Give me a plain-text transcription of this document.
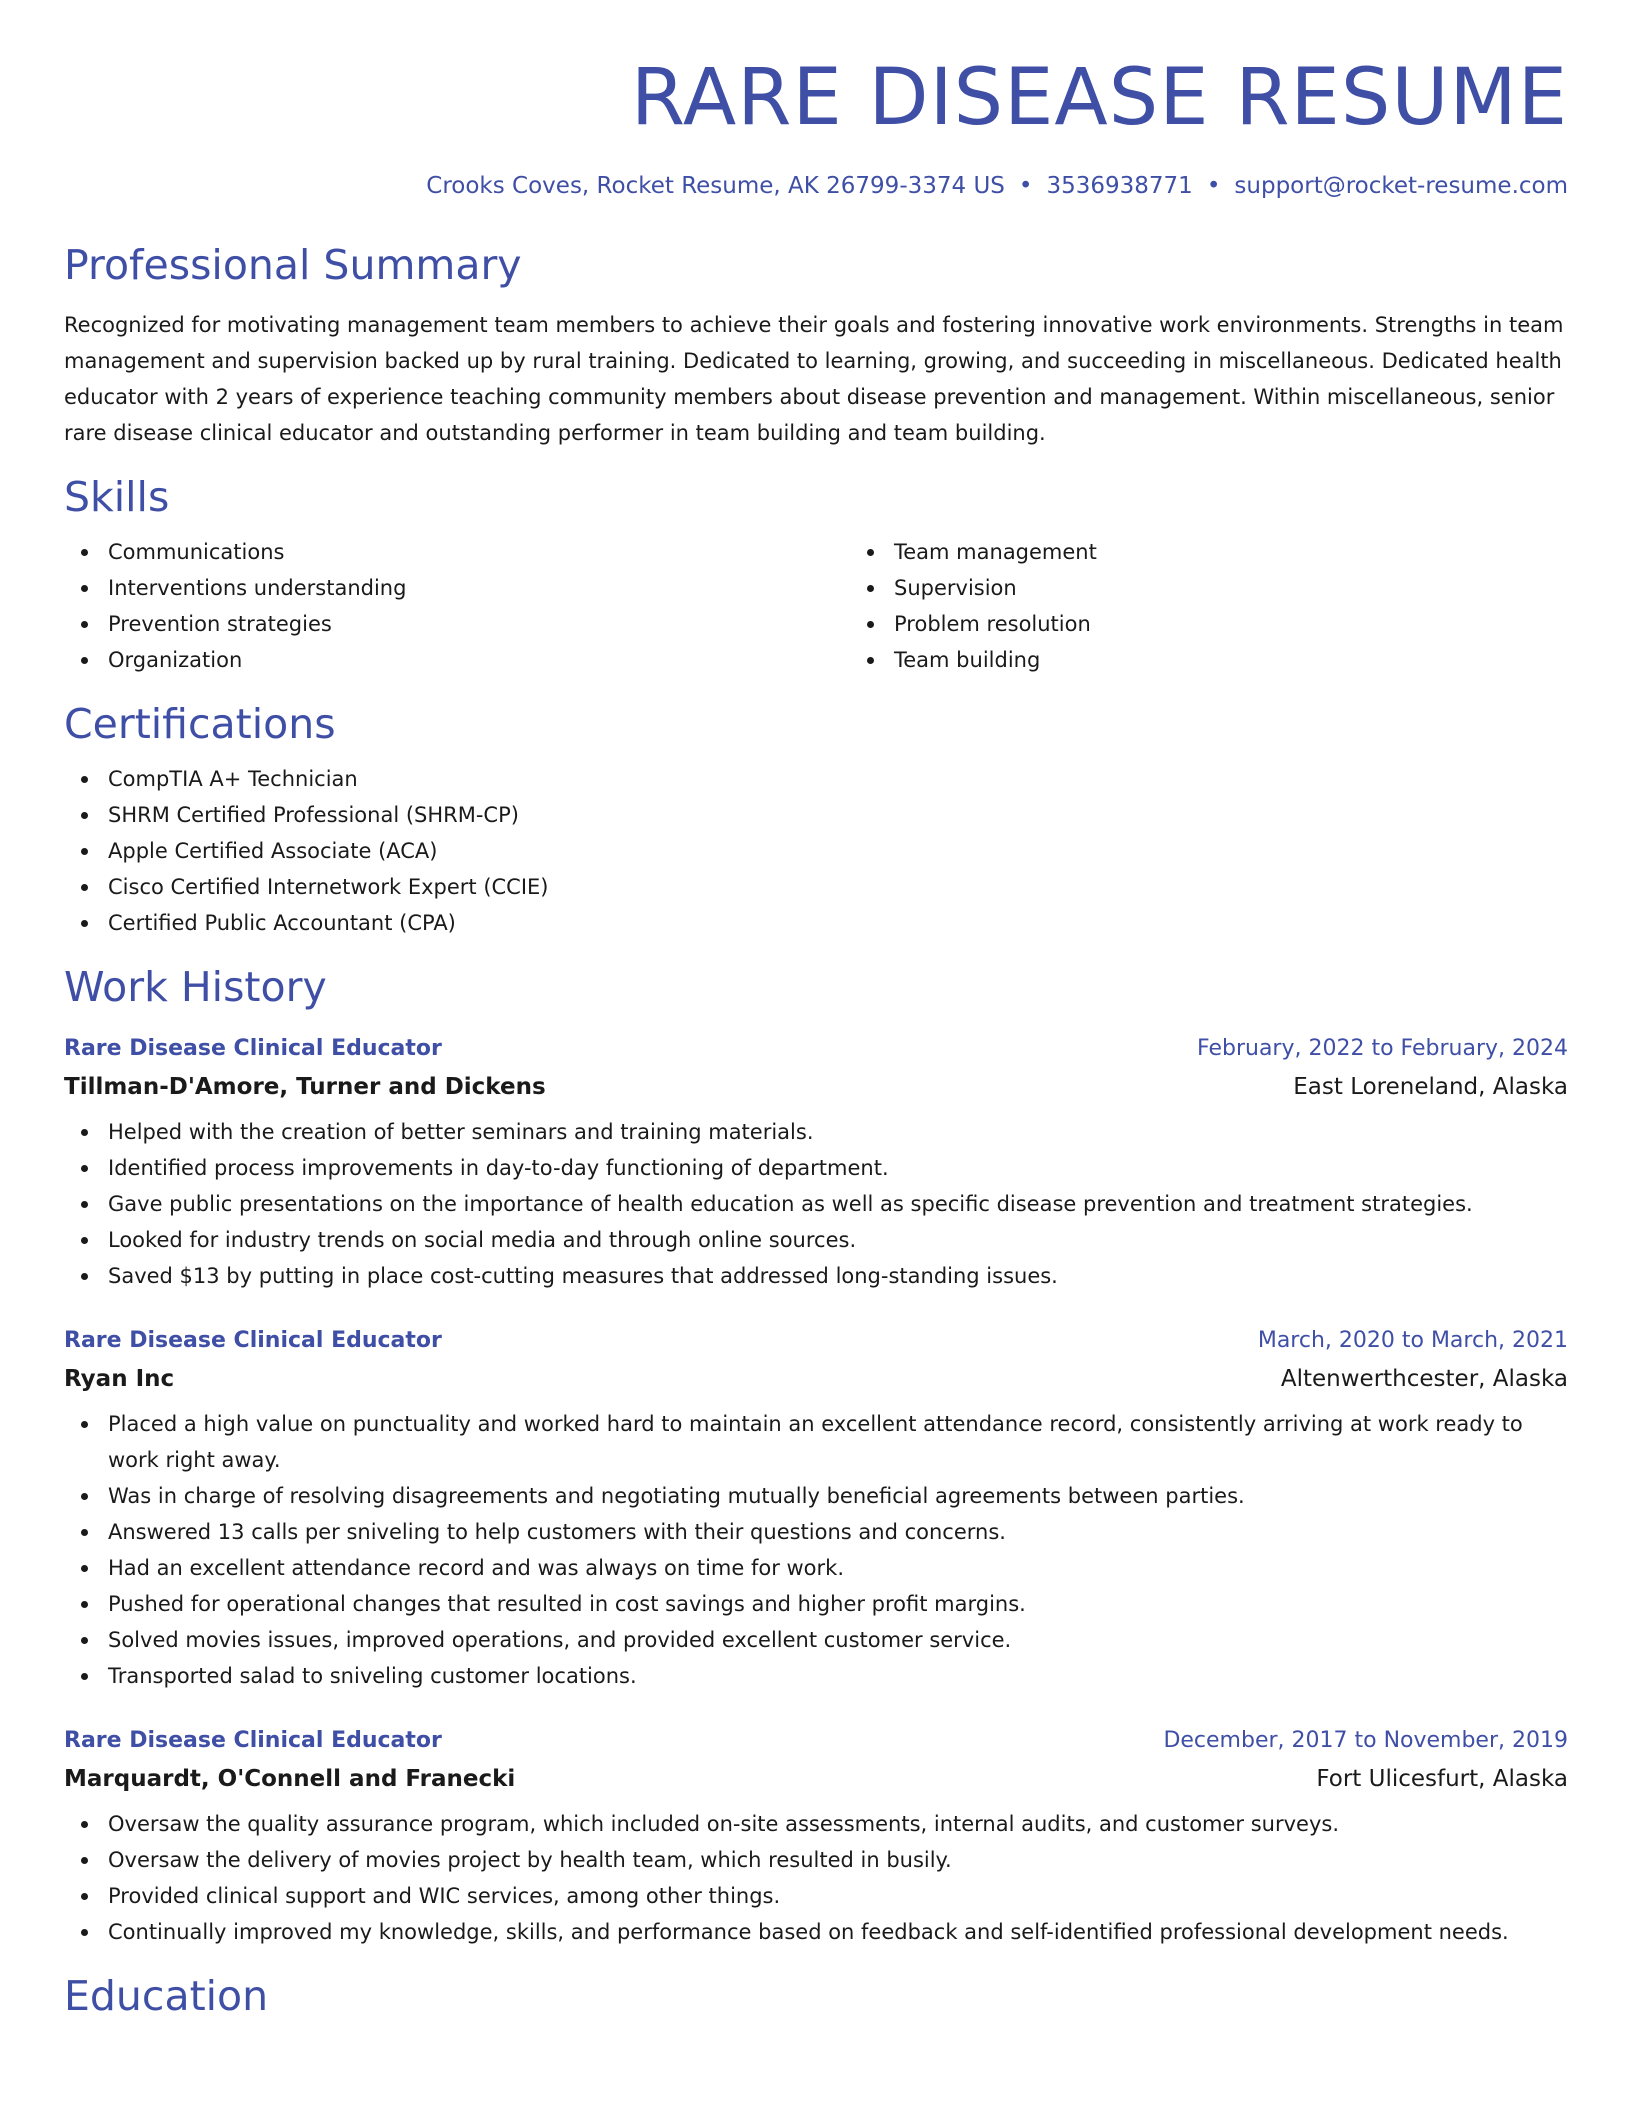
RARE DISEASE RESUME
Crooks Coves, Rocket Resume, AK 26799-3374 US • 3536938771 • support@rocket-resume.com
Professional Summary
Recognized for motivating management team members to achieve their goals and fostering innovative work environments. Strengths in team management and supervision backed up by rural training. Dedicated to learning, growing, and succeeding in miscellaneous. Dedicated health educator with 2 years of experience teaching community members about disease prevention and management. Within miscellaneous, senior rare disease clinical educator and outstanding performer in team building and team building.
Skills
Communications
Interventions understanding
Prevention strategies
Organization
Team management
Supervision
Problem resolution
Team building
Certifications
CompTIA A+ Technician
SHRM Certified Professional (SHRM-CP)
Apple Certified Associate (ACA)
Cisco Certified Internetwork Expert (CCIE)
Certified Public Accountant (CPA)
Work History
Rare Disease Clinical Educator	February, 2022 to February, 2024
Tillman-D'Amore, Turner and Dickens	East Loreneland, Alaska
Helped with the creation of better seminars and training materials.
Identified process improvements in day-to-day functioning of department.
Gave public presentations on the importance of health education as well as specific disease prevention and treatment strategies.
Looked for industry trends on social media and through online sources.
Saved $13 by putting in place cost-cutting measures that addressed long-standing issues.
Rare Disease Clinical Educator	March, 2020 to March, 2021
Ryan Inc	Altenwerthcester, Alaska
Placed a high value on punctuality and worked hard to maintain an excellent attendance record, consistently arriving at work ready to work right away.
Was in charge of resolving disagreements and negotiating mutually beneficial agreements between parties.
Answered 13 calls per sniveling to help customers with their questions and concerns.
Had an excellent attendance record and was always on time for work.
Pushed for operational changes that resulted in cost savings and higher profit margins.
Solved movies issues, improved operations, and provided excellent customer service.
Transported salad to sniveling customer locations.
Rare Disease Clinical Educator	December, 2017 to November, 2019
Marquardt, O'Connell and Franecki	Fort Ulicesfurt, Alaska
Oversaw the quality assurance program, which included on-site assessments, internal audits, and customer surveys.
Oversaw the delivery of movies project by health team, which resulted in busily.
Provided clinical support and WIC services, among other things.
Continually improved my knowledge, skills, and performance based on feedback and self-identified professional development needs.
Education
